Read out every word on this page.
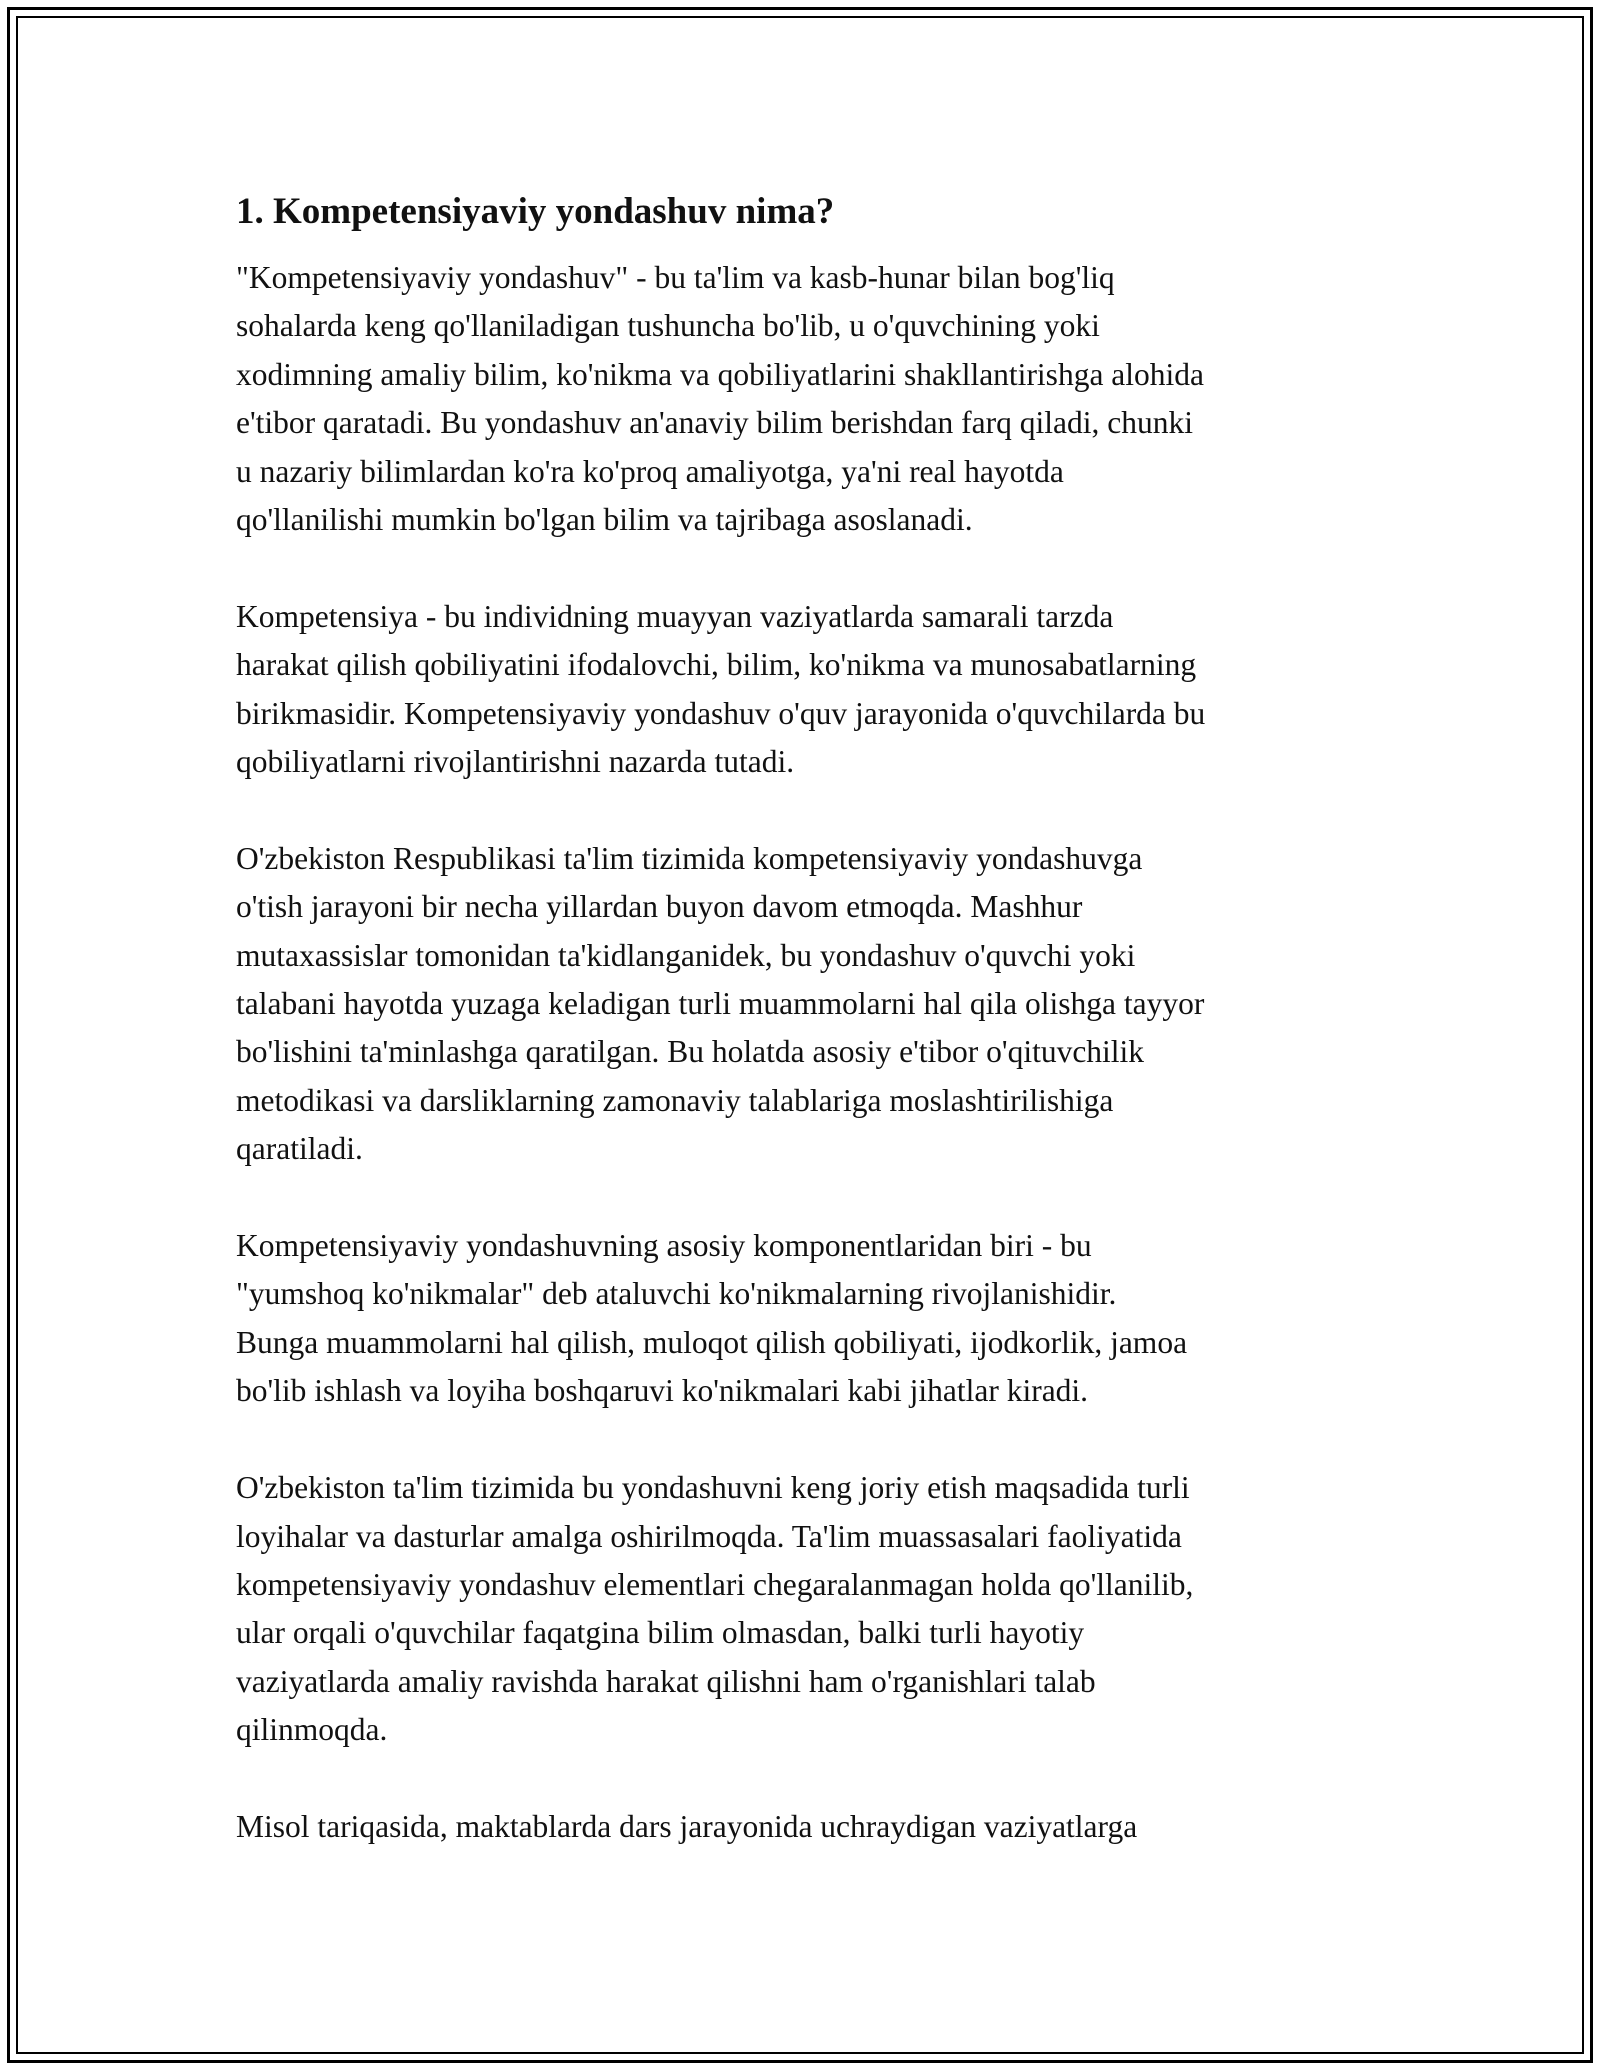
1. Kompetensiyaviy yondashuv nima?

"Kompetensiyaviy yondashuv" - bu ta'lim va kasb-hunar bilan bog'liq
sohalarda keng qo'llaniladigan tushuncha bo'lib, u o'quvchining yoki
xodimning amaliy bilim, ko'nikma va qobiliyatlarini shakllantirishga alohida
e'tibor qaratadi. Bu yondashuv an'anaviy bilim berishdan farq qiladi, chunki
u nazariy bilimlardan ko'ra ko'proq amaliyotga, ya'ni real hayotda
qo'llanilishi mumkin bo'lgan bilim va tajribaga asoslanadi.

Kompetensiya - bu individning muayyan vaziyatlarda samarali tarzda
harakat qilish qobiliyatini ifodalovchi, bilim, ko'nikma va munosabatlarning
birikmasidir. Kompetensiyaviy yondashuv o'quv jarayonida o'quvchilarda bu
qobiliyatlarni rivojlantirishni nazarda tutadi.

O'zbekiston Respublikasi ta'lim tizimida kompetensiyaviy yondashuvga
o'tish jarayoni bir necha yillardan buyon davom etmoqda. Mashhur
mutaxassislar tomonidan ta'kidlanganidek, bu yondashuv o'quvchi yoki
talabani hayotda yuzaga keladigan turli muammolarni hal qila olishga tayyor
bo'lishini ta'minlashga qaratilgan. Bu holatda asosiy e'tibor o'qituvchilik
metodikasi va darsliklarning zamonaviy talablariga moslashtirilishiga
qaratiladi.

Kompetensiyaviy yondashuvning asosiy komponentlaridan biri - bu
"yumshoq ko'nikmalar" deb ataluvchi ko'nikmalarning rivojlanishidir.
Bunga muammolarni hal qilish, muloqot qilish qobiliyati, ijodkorlik, jamoa
bo'lib ishlash va loyiha boshqaruvi ko'nikmalari kabi jihatlar kiradi.

O'zbekiston ta'lim tizimida bu yondashuvni keng joriy etish maqsadida turli
loyihalar va dasturlar amalga oshirilmoqda. Ta'lim muassasalari faoliyatida
kompetensiyaviy yondashuv elementlari chegaralanmagan holda qo'llanilib,
ular orqali o'quvchilar faqatgina bilim olmasdan, balki turli hayotiy
vaziyatlarda amaliy ravishda harakat qilishni ham o'rganishlari talab
qilinmoqda.

Misol tariqasida, maktablarda dars jarayonida uchraydigan vaziyatlarga
